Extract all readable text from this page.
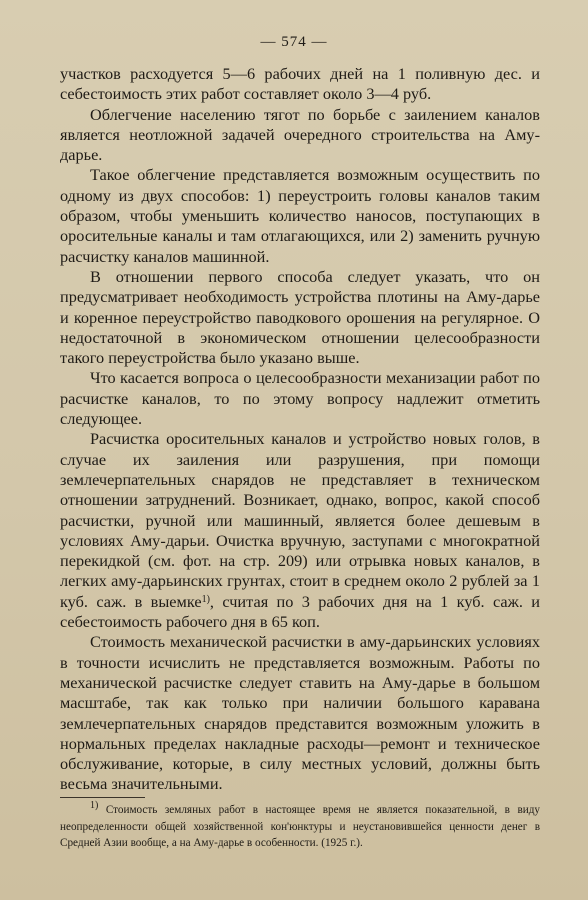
— 574 —

участков расходуется 5—6 рабочих дней на 1 поливную дес. и себестоимость этих работ составляет около 3—4 руб.

Облегчение населению тягот по борьбе с заилением каналов является неотложной задачей очередного строительства на Аму-дарье.

Такое облегчение представляется возможным осуществить по одному из двух способов: 1) переустроить головы каналов таким образом, чтобы уменьшить количество наносов, поступающих в оросительные каналы и там отлагающихся, или 2) заменить ручную расчистку каналов машинной.

В отношении первого способа следует указать, что он предусматривает необходимость устройства плотины на Аму-дарье и коренное переустройство паводкового орошения на регулярное. О недостаточной в экономическом отношении целесообразности такого переустройства было указано выше.

Что касается вопроса о целесообразности механизации работ по расчистке каналов, то по этому вопросу надлежит отметить следующее.

Расчистка оросительных каналов и устройство новых голов, в случае их заиления или разрушения, при помощи землечерпательных снарядов не представляет в техническом отношении затруднений. Возникает, однако, вопрос, какой способ расчистки, ручной или машинный, является более дешевым в условиях Аму-дарьи. Очистка вручную, заступами с многократной перекидкой (см. фот. на стр. 209) или отрывка новых каналов, в легких аму-дарьинских грунтах, стоит в среднем около 2 рублей за 1 куб. саж. в выемке$^{1)}$, считая по 3 рабочих дня на 1 куб. саж. и себестоимость рабочего дня в 65 коп.

Стоимость механической расчистки в аму-дарьинских условиях в точности исчислить не представляется возможным. Работы по механической расчистке следует ставить на Аму-дарье в большом масштабе, так как только при наличии большого каравана землечерпательных снарядов представится возможным уложить в нормальных пределах накладные расходы—ремонт и техническое обслуживание, которые, в силу местных условий, должны быть весьма значительными.

$^{1)}$ Стоимость земляных работ в настоящее время не является показательной, в виду неопределенности общей хозяйственной кон'юнктуры и неустановившейся ценности денег в Средней Азии вообще, а на Аму-дарье в особенности. (1925 г.).
